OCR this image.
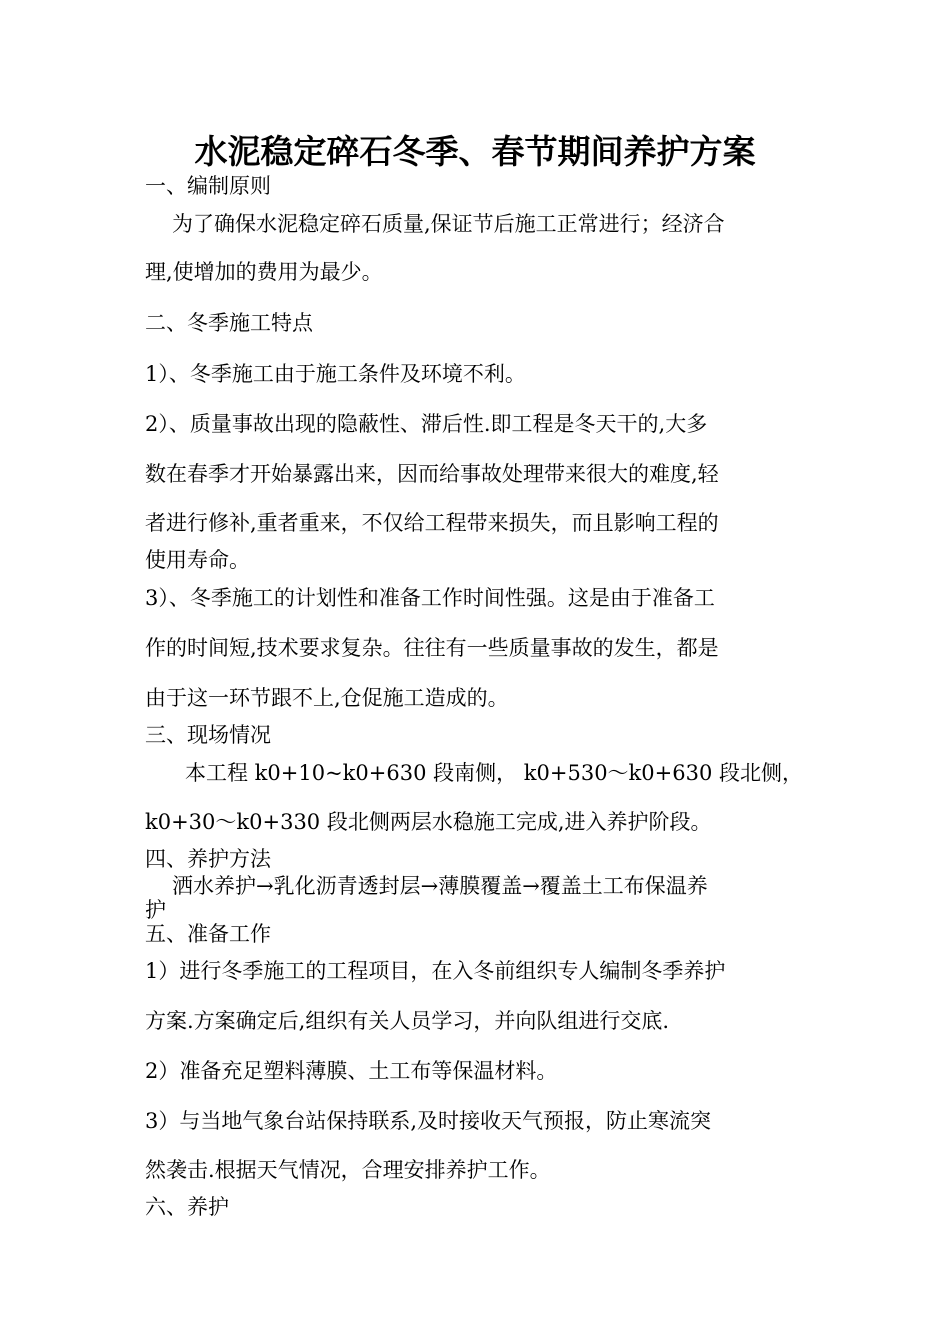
水泥稳定碎石冬季、春节期间养护方案
一、编制原则
为了确保水泥稳定碎石质量,保证节后施工正常进行；经济合
理,使增加的费用为最少。
二、冬季施工特点
1）、冬季施工由于施工条件及环境不利。
2）、质量事故出现的隐蔽性、滞后性.即工程是冬天干的,大多
数在春季才开始暴露出来，因而给事故处理带来很大的难度,轻
者进行修补,重者重来，不仅给工程带来损失，而且影响工程的
使用寿命。
3）、冬季施工的计划性和准备工作时间性强。这是由于准备工
作的时间短,技术要求复杂。往往有一些质量事故的发生，都是
由于这一环节跟不上,仓促施工造成的。
三、现场情况
本工程 k0+10~k0+630 段南侧， k0+530～k0+630 段北侧，
k0+30～k0+330 段北侧两层水稳施工完成,进入养护阶段。
四、养护方法
洒水养护→乳化沥青透封层→薄膜覆盖→覆盖土工布保温养
护
五、准备工作
1）进行冬季施工的工程项目，在入冬前组织专人编制冬季养护
方案.方案确定后,组织有关人员学习，并向队组进行交底.
2）准备充足塑料薄膜、土工布等保温材料。
3）与当地气象台站保持联系,及时接收天气预报，防止寒流突
然袭击.根据天气情况，合理安排养护工作。
六、养护
